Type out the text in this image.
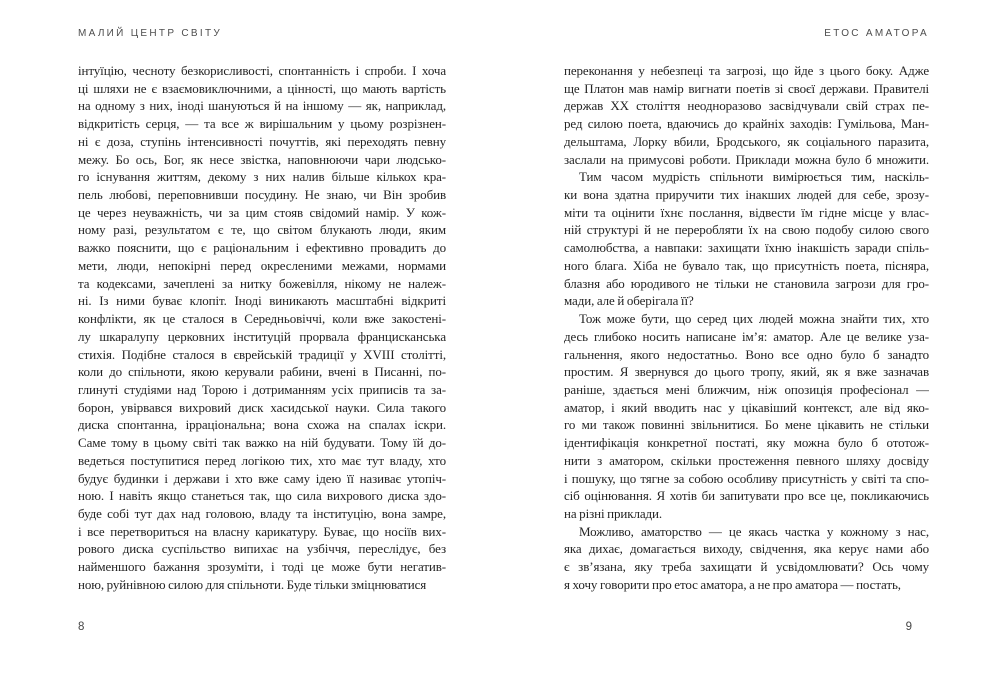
МАЛИЙ ЦЕНТР СВІТУ
інтуїцію, чесноту безкорисливості, спонтанність і спроби. І хоча
ці шляхи не є взаємовиключними, а цінності, що мають вартість
на одному з них, іноді шануються й на іншому — як, наприклад,
відкритість серця, — та все ж вирішальним у цьому розрізнен-
ні є доза, ступінь інтенсивності почуттів, які переходять певну
межу. Бо ось, Бог, як несе звістка, наповнюючи чари людсько-
го існування життям, декому з них налив більше кількох кра-
пель любові, переповнивши посудину. Не знаю, чи Він зробив
це через неуважність, чи за цим стояв свідомий намір. У кож-
ному разі, результатом є те, що світом блукають люди, яким
важко пояснити, що є раціональним і ефективно провадить до
мети, люди, непокірні перед окресленими межами, нормами
та кодексами, зачеплені за нитку божевілля, нікому не належ-
ні. Із ними буває клопіт. Іноді виникають масштабні відкриті
конфлікти, як це сталося в Середньовіччі, коли вже закостені-
лу шкаралупу церковних інституцій прорвала францисканська
стихія. Подібне сталося в єврейській традиції у XVIII столітті,
коли до спільноти, якою керували рабини, вчені в Писанні, по-
глинуті студіями над Торою і дотриманням усіх приписів та за-
борон, увірвався вихровий диск хасидської науки. Сила такого
диска спонтанна, ірраціональна; вона схожа на спалах іскри.
Саме тому в цьому світі так важко на ній будувати. Тому їй до-
ведеться поступитися перед логікою тих, хто має тут владу, хто
будує будинки і держави і хто вже саму ідею її називає утопіч-
ною. І навіть якщо станеться так, що сила вихрового диска здо-
буде собі тут дах над головою, владу та інституцію, вона замре,
і все перетвориться на власну карикатуру. Буває, що носіїв вих-
рового диска суспільство випихає на узбіччя, переслідує, без
найменшого бажання зрозуміти, і тоді це може бути негатив-
ною, руйнівною силою для спільноти. Буде тільки зміцнюватися
8
ЕТОС АМАТОРА
переконання у небезпеці та загрозі, що йде з цього боку. Адже
ще Платон мав намір вигнати поетів зі своєї держави. Правителі
держав XX століття неодноразово засвідчували свій страх пе-
ред силою поета, вдаючись до крайніх заходів: Гумільова, Ман-
дельштама, Лорку вбили, Бродського, як соціального паразита,
заслали на примусові роботи. Приклади можна було б множити.
Тим часом мудрість спільноти вимірюється тим, наскіль-
ки вона здатна приручити тих інакших людей для себе, зрозу-
міти та оцінити їхнє послання, відвести їм гідне місце у влас-
ній структурі й не переробляти їх на свою подобу силою свого
самолюбства, а навпаки: захищати їхню інакшість заради спіль-
ного блага. Хіба не бувало так, що присутність поета, пісняра,
блазня або юродивого не тільки не становила загрози для гро-
мади, але й оберігала її?
Тож може бути, що серед цих людей можна знайти тих, хто
десь глибоко носить написане ім’я: аматор. Але це велике уза-
гальнення, якого недостатньо. Воно все одно було б занадто
простим. Я звернувся до цього тропу, який, як я вже зазначав
раніше, здається мені ближчим, ніж опозиція професіонал —
аматор, і який вводить нас у цікавіший контекст, але від яко-
го ми також повинні звільнитися. Бо мене цікавить не стільки
ідентифікація конкретної постаті, яку можна було б ототож-
нити з аматором, скільки простеження певного шляху досвіду
і пошуку, що тягне за собою особливу присутність у світі та спо-
сіб оцінювання. Я хотів би запитувати про все це, покликаючись
на різні приклади.
Можливо, аматорство — це якась частка у кожному з нас,
яка дихає, домагається виходу, свідчення, яка керує нами або
є зв’язана, яку треба захищати й усвідомлювати? Ось чому
я хочу говорити про етос аматора, а не про аматора — постать,
9
